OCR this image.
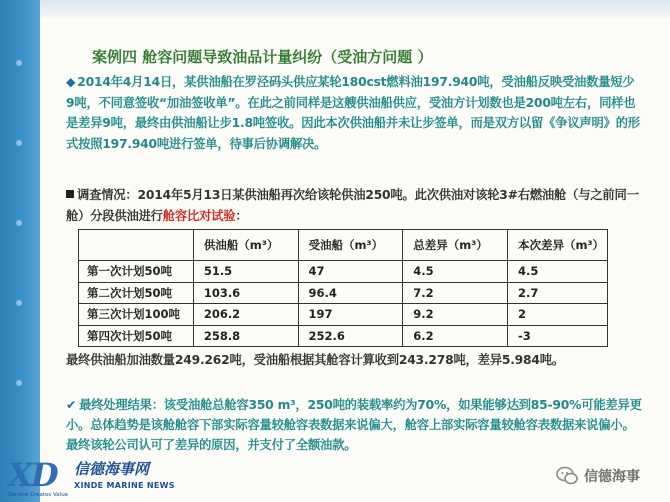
案例四 舱容问题导致油品计量纠纷（受油方问题 ）

◆ 2014年4月14日，某供油船在罗泾码头供应某轮180cst燃料油197.940吨，受油船反映受油数量短少9吨，不同意签收“加油签收单”。在此之前同样是这艘供油船供应，受油方计划数也是200吨左右，同样也是差异9吨，最终由供油船让步1.8吨签收。因此本次供油船并未让步签单，而是双方以留《争议声明》的形式按照197.940吨进行签单，待事后协调解决。

调查情况：2014年5月13日某供油船再次给该轮供油250吨。此次供油对该轮3#右燃油舱（与之前同一舱）分段供油进行舱容比对试验：

	供油船（m³）	受油船（m³）	总差异（m³）	本次差异（m³）
第一次计划50吨	51.5	47	4.5	4.5
第二次计划50吨	103.6	96.4	7.2	2.7
第三次计划100吨	206.2	197	9.2	2
第四次计划50吨	258.8	252.6	6.2	-3

最终供油船加油数量249.262吨，受油船根据其舱容计算收到243.278吨，差异5.984吨。

✔ 最终处理结果：该受油舱总舱容350 m³，250吨的装载率约为70%，如果能够达到85-90%可能差异更小。总体趋势是该舱舱容下部实际容量较舱容表数据来说偏大，舱容上部实际容量较舱容表数据来说偏小。最终该轮公司认可了差异的原因，并支付了全额油款。

XD 信德海事网
XINDE MARINE NEWS
Service Creates Value
信德海事
